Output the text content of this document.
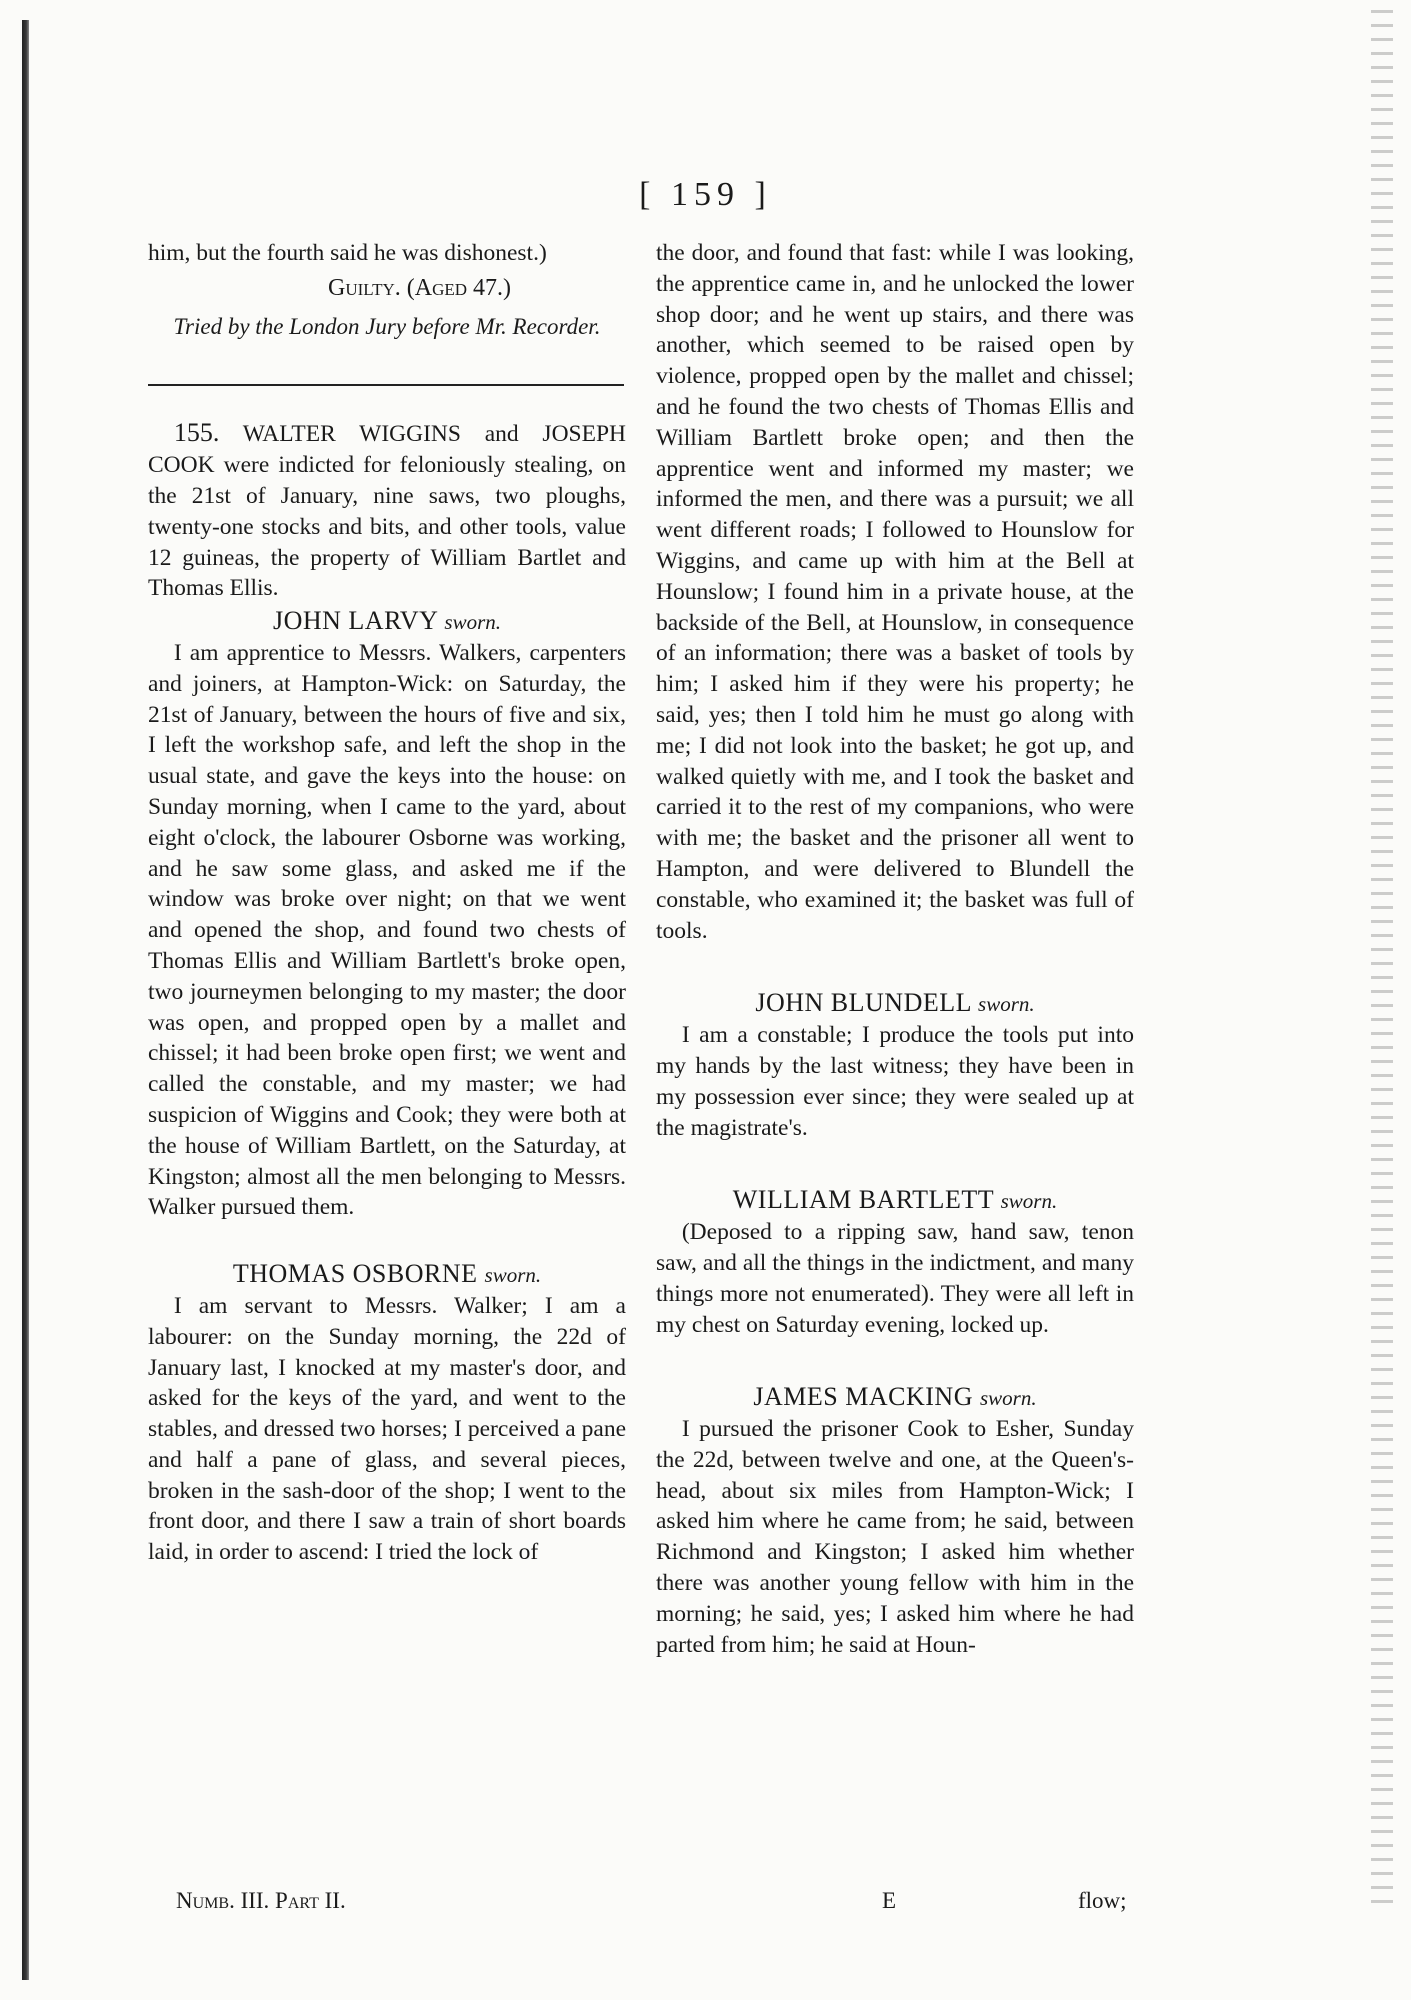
[ 159 ]

him, but the fourth said he was dishonest.)

Guilty. (Aged 47.)

Tried by the London Jury before Mr. Recorder.

155. WALTER WIGGINS and JOSEPH COOK were indicted for feloniously stealing, on the 21st of January, nine saws, two ploughs, twenty-one stocks and bits, and other tools, value 12 guineas, the property of William Bartlet and Thomas Ellis.

JOHN LARVY sworn.

I am apprentice to Messrs. Walkers, carpenters and joiners, at Hampton-Wick: on Saturday, the 21st of January, between the hours of five and six, I left the workshop safe, and left the shop in the usual state, and gave the keys into the house: on Sunday morning, when I came to the yard, about eight o'clock, the labourer Osborne was working, and he saw some glass, and asked me if the window was broke over night; on that we went and opened the shop, and found two chests of Thomas Ellis and William Bartlett's broke open, two journeymen belonging to my master; the door was open, and propped open by a mallet and chissel; it had been broke open first; we went and called the constable, and my master; we had suspicion of Wiggins and Cook; they were both at the house of William Bartlett, on the Saturday, at Kingston; almost all the men belonging to Messrs. Walker pursued them.

THOMAS OSBORNE sworn.

I am servant to Messrs. Walker; I am a labourer: on the Sunday morning, the 22d of January last, I knocked at my master's door, and asked for the keys of the yard, and went to the stables, and dressed two horses; I perceived a pane and half a pane of glass, and several pieces, broken in the sash-door of the shop; I went to the front door, and there I saw a train of short boards laid, in order to ascend: I tried the lock of

the door, and found that fast: while I was looking, the apprentice came in, and he unlocked the lower shop door; and he went up stairs, and there was another, which seemed to be raised open by violence, propped open by the mallet and chissel; and he found the two chests of Thomas Ellis and William Bartlett broke open; and then the apprentice went and informed my master; we informed the men, and there was a pursuit; we all went different roads; I followed to Hounslow for Wiggins, and came up with him at the Bell at Hounslow; I found him in a private house, at the backside of the Bell, at Hounslow, in consequence of an information; there was a basket of tools by him; I asked him if they were his property; he said, yes; then I told him he must go along with me; I did not look into the basket; he got up, and walked quietly with me, and I took the basket and carried it to the rest of my companions, who were with me; the basket and the prisoner all went to Hampton, and were delivered to Blundell the constable, who examined it; the basket was full of tools.

JOHN BLUNDELL sworn.

I am a constable; I produce the tools put into my hands by the last witness; they have been in my possession ever since; they were sealed up at the magistrate's.

WILLIAM BARTLETT sworn.

(Deposed to a ripping saw, hand saw, tenon saw, and all the things in the indictment, and many things more not enumerated). They were all left in my chest on Saturday evening, locked up.

JAMES MACKING sworn.

I pursued the prisoner Cook to Esher, Sunday the 22d, between twelve and one, at the Queen's-head, about six miles from Hampton-Wick; I asked him where he came from; he said, between Richmond and Kingston; I asked him whether there was another young fellow with him in the morning; he said, yes; I asked him where he had parted from him; he said at Houn-

Numb. III. Part II.	E	flow;
